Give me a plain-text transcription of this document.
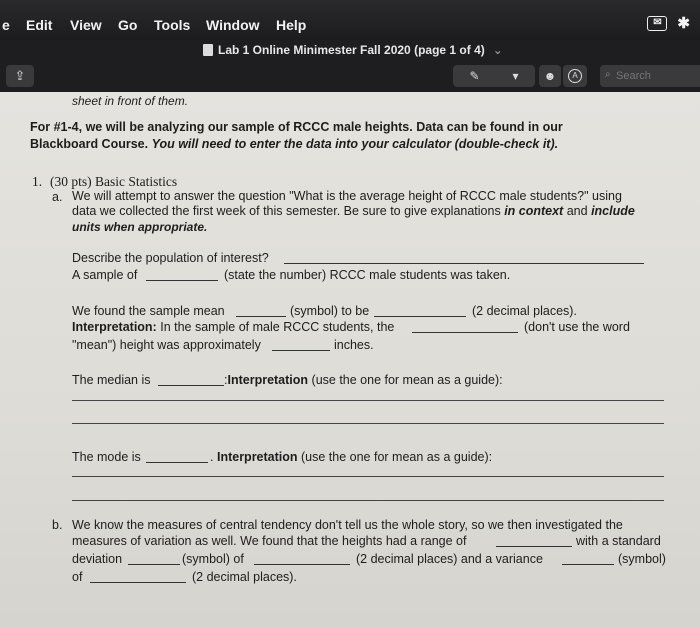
e Edit View Go Tools Window Help	✉	✱
Lab 1 Online Minimester Fall 2020 (page 1 of 4) ⌄
⇪	✎	▾	☻	A
Search	⌕
sheet in front of them.
For #1-4, we will be analyzing our sample of RCCC male heights. Data can be found in our
Blackboard Course. You will need to enter the data into your calculator (double-check it).
1. (30 pts) Basic Statistics
a. We will attempt to answer the question "What is the average height of RCCC male students?" using
data we collected the first week of this semester. Be sure to give explanations in context and include
units when appropriate.
Describe the population of interest?
A sample of	(state the number) RCCC male students was taken.
We found the sample mean	(symbol) to be	(2 decimal places).
Interpretation: In the sample of male RCCC students, the	(don't use the word
"mean") height was approximately	inches.
The median is	:Interpretation (use the one for mean as a guide):
The mode is	. Interpretation (use the one for mean as a guide):
b. We know the measures of central tendency don't tell us the whole story, so we then investigated the
measures of variation as well. We found that the heights had a range of	with a standard
deviation	(symbol) of	(2 decimal places) and a variance	(symbol)
of	(2 decimal places).
